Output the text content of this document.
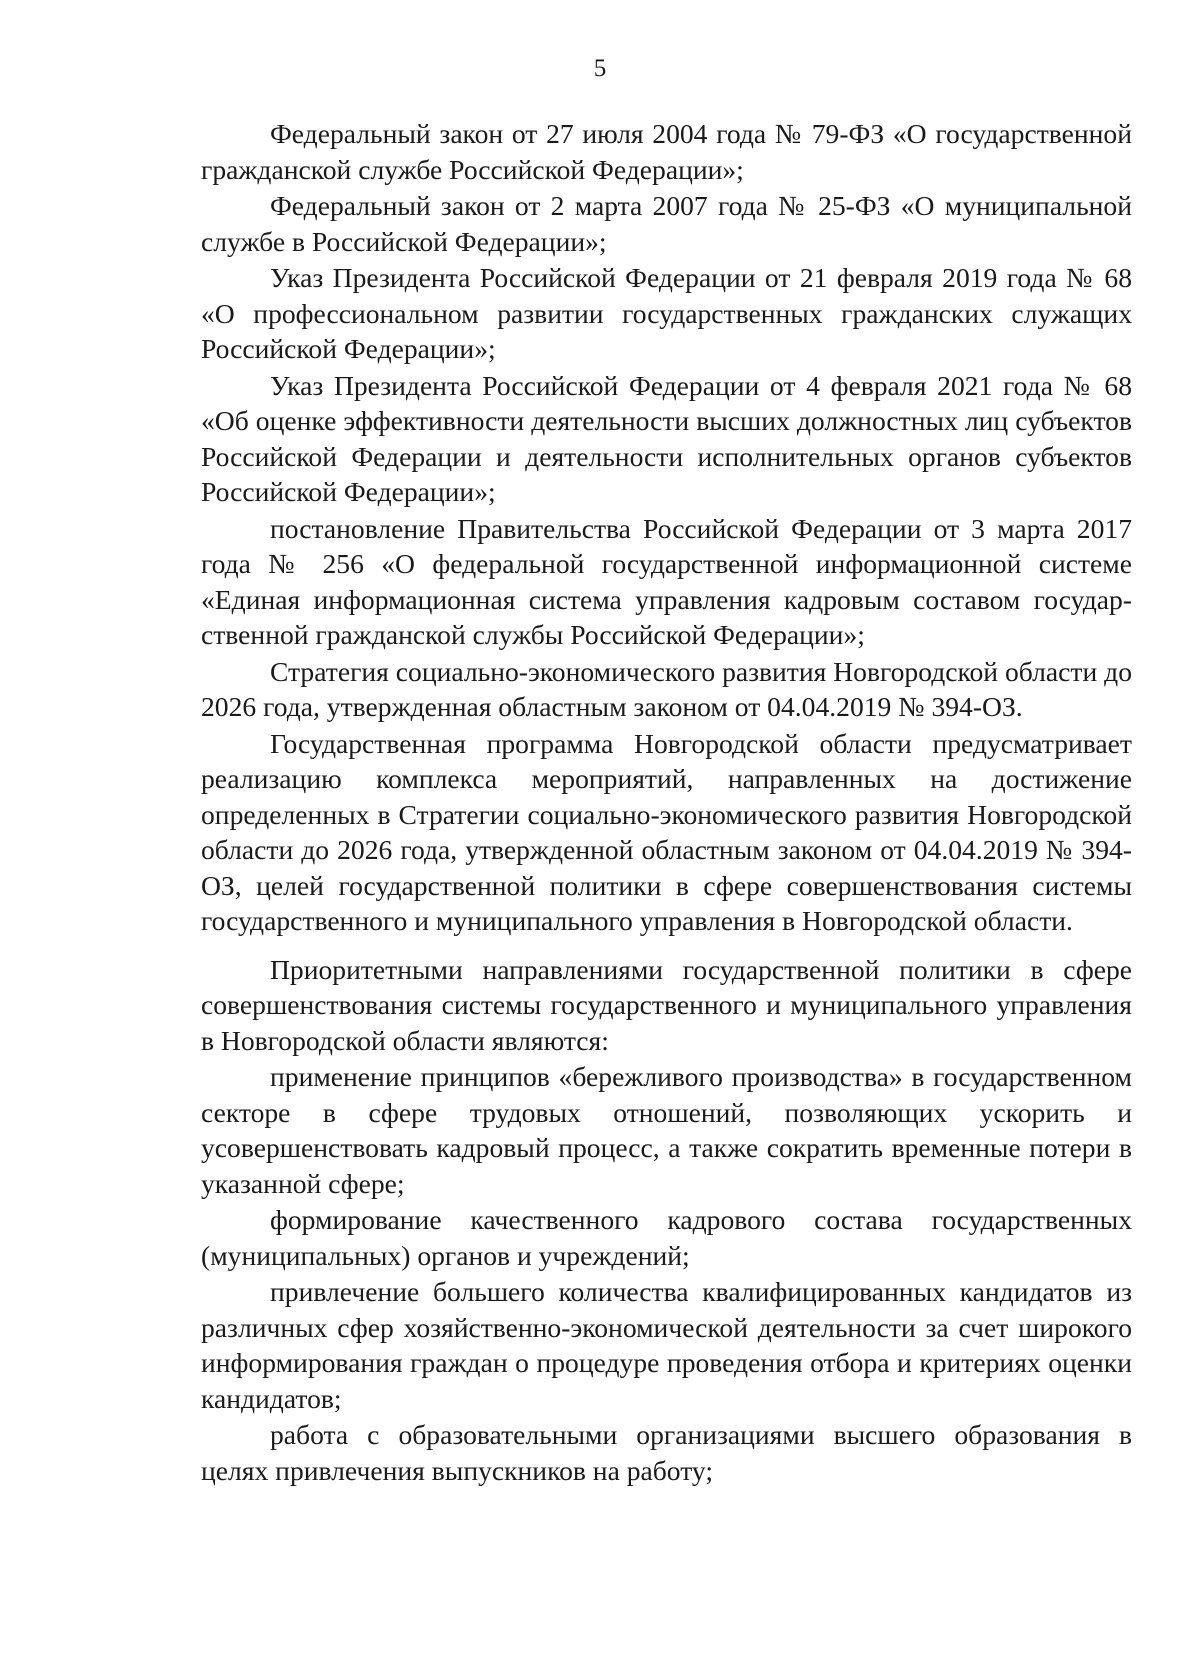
5

Федеральный закон от 27 июля 2004 года № 79-ФЗ «О государственной гражданской службе Российской Федерации»;

Федеральный закон от 2 марта 2007 года № 25-ФЗ «О муниципальной службе в Российской Федерации»;

Указ Президента Российской Федерации от 21 февраля 2019 года № 68 «О профессиональном развитии государственных гражданских служащих Российской Федерации»;

Указ Президента Российской Федерации от 4 февраля 2021 года № 68 «Об оценке эффективности деятельности высших должностных лиц субъектов Российской Федерации и деятельности исполнительных органов субъектов Российской Федерации»;

постановление Правительства Российской Федерации от 3 марта 2017 года № 256 «О федеральной государственной информационной системе «Единая информационная система управления кадровым составом государственной гражданской службы Российской Федерации»;

Стратегия социально-экономического развития Новгородской области до 2026 года, утвержденная областным законом от 04.04.2019 № 394-ОЗ.

Государственная программа Новгородской области предусматривает реализацию комплекса мероприятий, направленных на достижение определенных в Стратегии социально-экономического развития Новгородской области до 2026 года, утвержденной областным законом от 04.04.2019 № 394-ОЗ, целей государственной политики в сфере совершенствования системы государственного и муниципального управления в Новгородской области.

Приоритетными направлениями государственной политики в сфере совершенствования системы государственного и муниципального управления в Новгородской области являются:

применение принципов «бережливого производства» в государственном секторе в сфере трудовых отношений, позволяющих ускорить и усовершенствовать кадровый процесс, а также сократить временные потери в указанной сфере;

формирование качественного кадрового состава государственных (муниципальных) органов и учреждений;

привлечение большего количества квалифицированных кандидатов из различных сфер хозяйственно-экономической деятельности за счет широкого информирования граждан о процедуре проведения отбора и критериях оценки кандидатов;

работа с образовательными организациями высшего образования в целях привлечения выпускников на работу;
